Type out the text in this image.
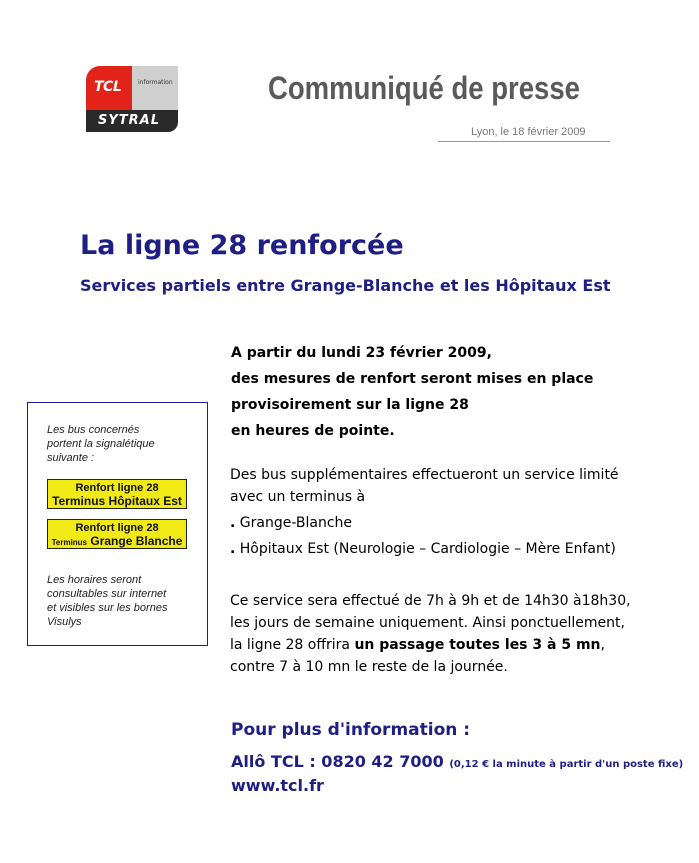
TCL	information
SYTRAL
Communiqué de presse
Lyon, le 18 février 2009
La ligne 28 renforcée
Services partiels entre Grange-Blanche et les Hôpitaux Est
A partir du lundi 23 février 2009,
des mesures de renfort seront mises en place
provisoirement sur la ligne 28
en heures de pointe.
Des bus supplémentaires effectueront un service limité
avec un terminus à
. Grange-Blanche
. Hôpitaux Est (Neurologie – Cardiologie – Mère Enfant)
Ce service sera effectué de 7h à 9h et de 14h30 à18h30,
les jours de semaine uniquement. Ainsi ponctuellement,
la ligne 28 offrira un passage toutes les 3 à 5 mn,
contre 7 à 10 mn le reste de la journée.
Les bus concernés
portent la signalétique
suivante :
Renfort ligne 28
Terminus Hôpitaux Est
Renfort ligne 28
Terminus Grange Blanche
Les horaires seront
consultables sur internet
et visibles sur les bornes
Visulys
Pour plus d'information :
Allô TCL : 0820 42 7000 (0,12 € la minute à partir d'un poste fixe)
www.tcl.fr
